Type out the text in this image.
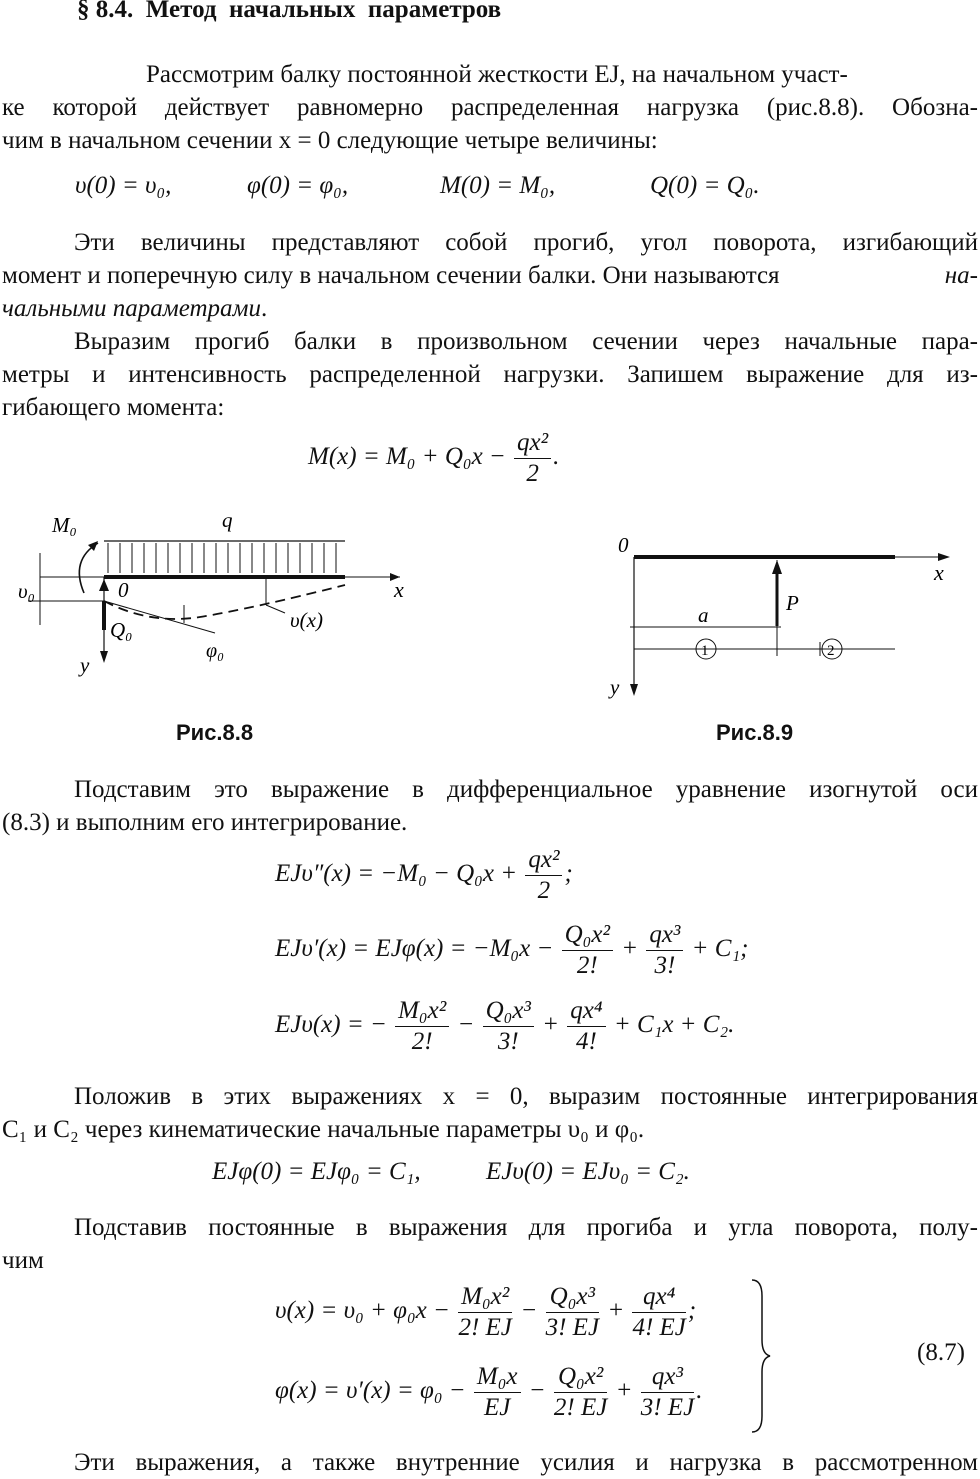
§ 8.4.  Метод  начальных  параметров
Рассмотрим балку постоянной жесткости EJ, на начальном участ-
ке которой действует равномерно распределенная нагрузка (рис.8.8). Обозна-
чим в начальном сечении x = 0 следующие четыре величины:
υ(0) = υ₀,	φ(0) = φ₀,	M(0) = M₀,	Q(0) = Q₀.
Эти величины представляют собой прогиб, угол поворота, изгибающий
момент и поперечную силу в начальном сечении балки. Они называются	на-
чальными параметрами.
Выразим прогиб балки в произвольном сечении через начальные пара-
метры и интенсивность распределенной нагрузки. Запишем выражение для из-
гибающего момента:
$M(x) = M_0 + Q_0x - \frac{\text{qx²}}{2}$ .
M₀	q
υ₀	0	x
Q₀	υ(x)
φ₀
y
Рис.8.8
0
x
a	P
1	2
y
Рис.8.9
Подставим это выражение в дифференциальное уравнение изогнутой оси
(8.3) и выполним его интегрирование.
$EJ\upsilon''(x) = -M_0 - Q_0x + \frac{\text{qx²}}{2}$ ;
$EJ\upsilon'(x) = EJ\varphi(x) = -M_0x - \frac{\text{Q₀x²}}{2!} + \frac{\text{qx³}}{3!} + C_1$;
EJυ(x) = − $\frac{\text{M₀x²}}{2!} - \frac{\text{Q₀x³}}{3!} + \frac{\text{qx⁴}}{4!} + C_1x + C_2$.
Положив в этих выражениях x = 0, выразим постоянные интегрирования
C₁ и C₂ через кинематические начальные параметры υ₀ и φ₀.
EJφ(0) = EJφ₀ = C₁,	EJυ(0) = EJυ₀ = C₂.
Подставив постоянные в выражения для прогиба и угла поворота, полу-
чим
$\upsilon(x) = \upsilon_0 + \varphi_0x - \frac{\text{M₀x²}}{2! EJ} - \frac{\text{Q₀x³}}{3! EJ} + \frac{\text{qx⁴}}{4! EJ}$ ;
$\varphi(x) = \upsilon'(x) = \varphi_0 - \frac{\text{M₀x}}{EJ} - \frac{\text{Q₀x²}}{2! EJ} + \frac{\text{qx³}}{3! EJ}$ .
(8.7)
Эти выражения, а также внутренние усилия и нагрузка в рассмотренном
